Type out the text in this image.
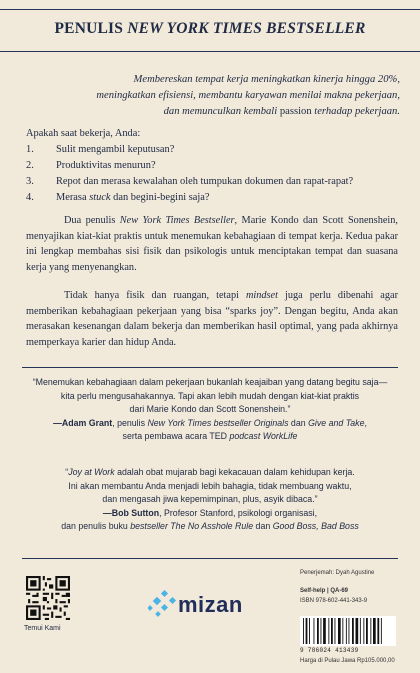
PENULIS NEW YORK TIMES BESTSELLER
Membereskan tempat kerja meningkatkan kinerja hingga 20%,
meningkatkan efisiensi, membantu karyawan menilai makna pekerjaan,
dan memunculkan kembali passion terhadap pekerjaan.
Apakah saat bekerja, Anda:
1. Sulit mengambil keputusan?
2. Produktivitas menurun?
3. Repot dan merasa kewalahan oleh tumpukan dokumen dan rapat-rapat?
4. Merasa stuck dan begini-begini saja?

Dua penulis New York Times Bestseller, Marie Kondo dan Scott Sonenshein, menyajikan kiat-kiat praktis untuk menemukan kebahagiaan di tempat kerja. Kedua pakar ini lengkap membahas sisi fisik dan psikologis untuk menciptakan tempat dan suasana kerja yang menyenangkan.

Tidak hanya fisik dan ruangan, tetapi mindset juga perlu dibenahi agar memberikan kebahagiaan pekerjaan yang bisa “sparks joy”. Dengan begitu, Anda akan merasakan kesenangan dalam bekerja dan memberikan hasil optimal, yang pada akhirnya memperkaya karier dan hidup Anda.

“Menemukan kebahagiaan dalam pekerjaan bukanlah keajaiban yang datang begitu saja—
kita perlu mengusahakannya. Tapi akan lebih mudah dengan kiat-kiat praktis
dari Marie Kondo dan Scott Sonenshein.”
—Adam Grant, penulis New York Times bestseller Originals dan Give and Take,
serta pembawa acara TED podcast WorkLife
“Joy at Work adalah obat mujarab bagi kekacauan dalam kehidupan kerja.
Ini akan membantu Anda menjadi lebih bahagia, tidak membuang waktu,
dan mengasah jiwa kepemimpinan, plus, asyik dibaca.”
—Bob Sutton, Profesor Stanford, psikologi organisasi,
dan penulis buku bestseller The No Asshole Rule dan Good Boss, Bad Boss
Temui Kami
mizan
Penerjemah: Dyah Agustine
Self-help | QA-69
ISBN 978-602-441-343-9
9 786024 413439
Harga di Pulau Jawa Rp105.000,00
